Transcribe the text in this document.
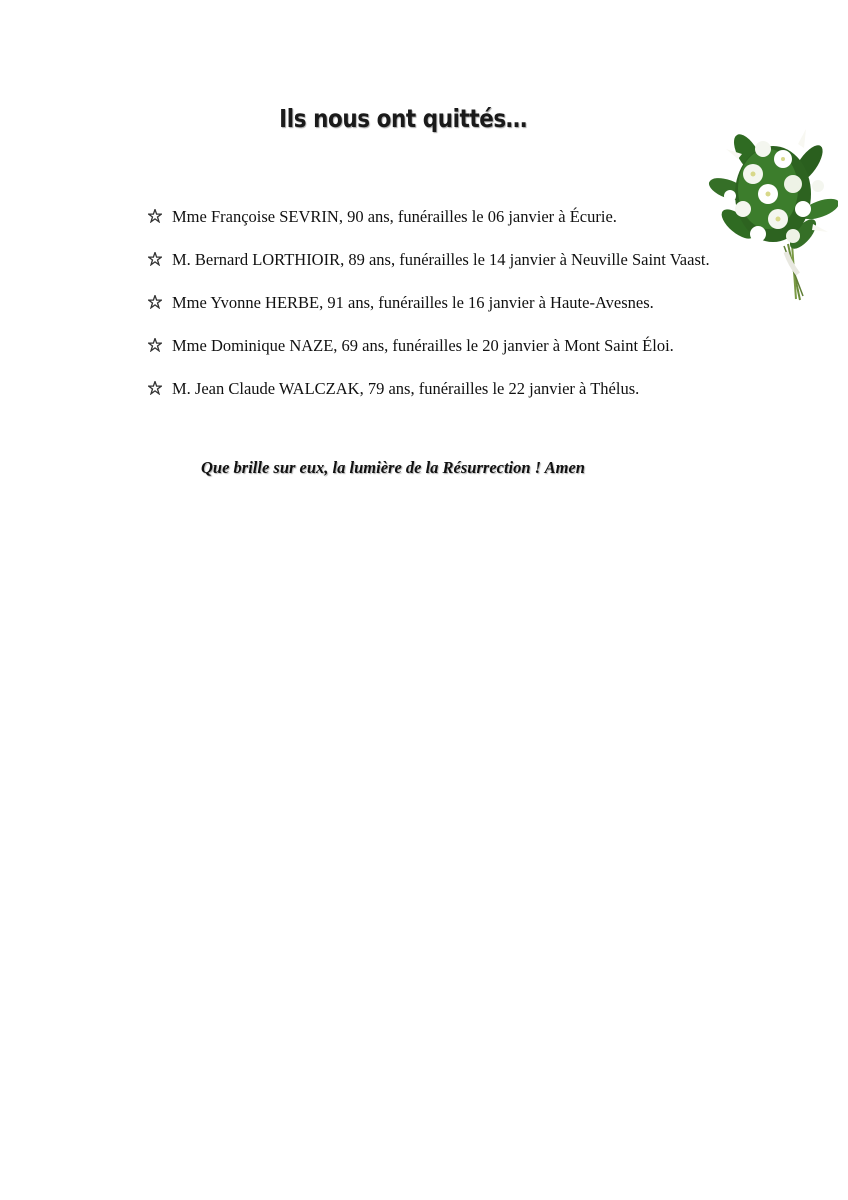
Ils nous ont quittés…
Mme Françoise SEVRIN, 90 ans, funérailles le 06 janvier à Écurie.
M. Bernard LORTHIOIR, 89 ans, funérailles le 14 janvier à Neuville Saint Vaast.
Mme Yvonne HERBE, 91 ans, funérailles le 16 janvier à Haute-Avesnes.
Mme Dominique NAZE, 69 ans, funérailles le 20 janvier à Mont Saint Éloi.
M. Jean Claude WALCZAK, 79 ans, funérailles le 22 janvier à Thélus.
Que brille sur eux, la lumière de la Résurrection ! Amen
